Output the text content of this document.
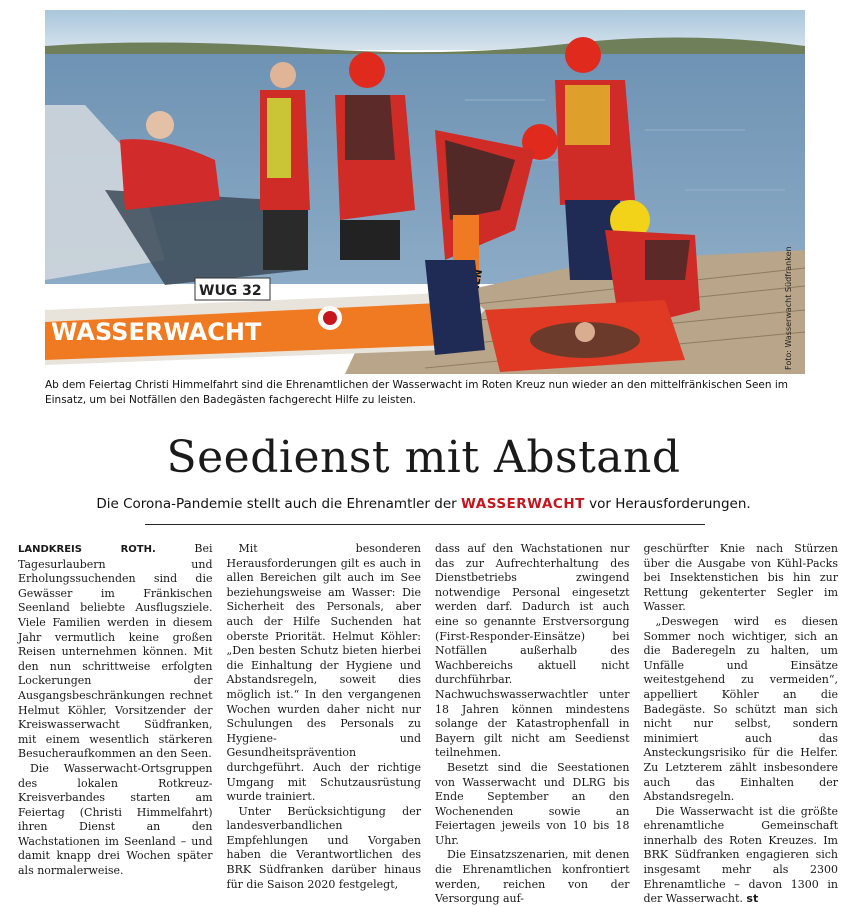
WUG 32
WASSERWACHT	Foto: Wasserwacht Südfranken
Ab dem Feiertag Christi Himmelfahrt sind die Ehrenamtlichen der Wasserwacht im Roten Kreuz nun wieder an den mittelfränkischen Seen im Einsatz, um bei Notfällen den Badegästen fachgerecht Hilfe zu leisten.
Seedienst mit Abstand
Die Corona-Pandemie stellt auch die Ehrenamtler der WASSERWACHT vor Herausforderungen.

LANDKREIS ROTH. Bei Tagesurlaubern und Erholungssuchenden sind die Gewässer im Fränkischen Seenland beliebte Ausflugsziele. Viele Familien werden in diesem Jahr vermutlich keine großen Reisen unternehmen können. Mit den nun schrittweise erfolgten Lockerungen der Ausgangsbeschränkungen rechnet Helmut Köhler, Vorsitzender der Kreiswasserwacht Südfranken, mit einem wesentlich stärkeren Besucheraufkommen an den Seen.

Die Wasserwacht-Ortsgruppen des lokalen Rotkreuz-Kreisverbandes starten am Feiertag (Christi Himmelfahrt) ihren Dienst an den Wachstationen im Seenland – und damit knapp drei Wochen später als normalerweise.

Mit besonderen Herausforderungen gilt es auch in allen Bereichen gilt auch im See beziehungsweise am Wasser: Die Sicherheit des Personals, aber auch der Hilfe Suchenden hat oberste Priorität. Helmut Köhler: „Den besten Schutz bieten hierbei die Einhaltung der Hygiene und Abstandsregeln, soweit dies möglich ist.“ In den vergangenen Wochen wurden daher nicht nur Schulungen des Personals zu Hygiene- und Gesundheitsprävention durchgeführt. Auch der richtige Umgang mit Schutzausrüstung wurde trainiert.

Unter Berücksichtigung der landesverbandlichen Empfehlungen und Vorgaben haben die Verantwortlichen des BRK Südfranken darüber hinaus für die Saison 2020 festgelegt,

dass auf den Wachstationen nur das zur Aufrechterhaltung des Dienstbetriebs zwingend notwendige Personal eingesetzt werden darf. Dadurch ist auch eine so genannte Erstversorgung (First-Responder-Einsätze) bei Notfällen außerhalb des Wachbereichs aktuell nicht durchführbar. Nachwuchswasserwachtler unter 18 Jahren können mindestens solange der Katastrophenfall in Bayern gilt nicht am Seedienst teilnehmen.

Besetzt sind die Seestationen von Wasserwacht und DLRG bis Ende September an den Wochenenden sowie an Feiertagen jeweils von 10 bis 18 Uhr.

Die Einsatzszenarien, mit denen die Ehrenamtlichen konfrontiert werden, reichen von der Versorgung auf-

geschürfter Knie nach Stürzen über die Ausgabe von Kühl-Packs bei Insektenstichen bis hin zur Rettung gekenterter Segler im Wasser.

„Deswegen wird es diesen Sommer noch wichtiger, sich an die Baderegeln zu halten, um Unfälle und Einsätze weitestgehend zu vermeiden“, appelliert Köhler an die Badegäste. So schützt man sich nicht nur selbst, sondern minimiert auch das Ansteckungsrisiko für die Helfer. Zu Letzterem zählt insbesondere auch das Einhalten der Abstandsregeln.

Die Wasserwacht ist die größte ehrenamtliche Gemeinschaft innerhalb des Roten Kreuzes. Im BRK Südfranken engagieren sich insgesamt mehr als 2300 Ehrenamtliche – davon 1300 in der Wasserwacht. st
